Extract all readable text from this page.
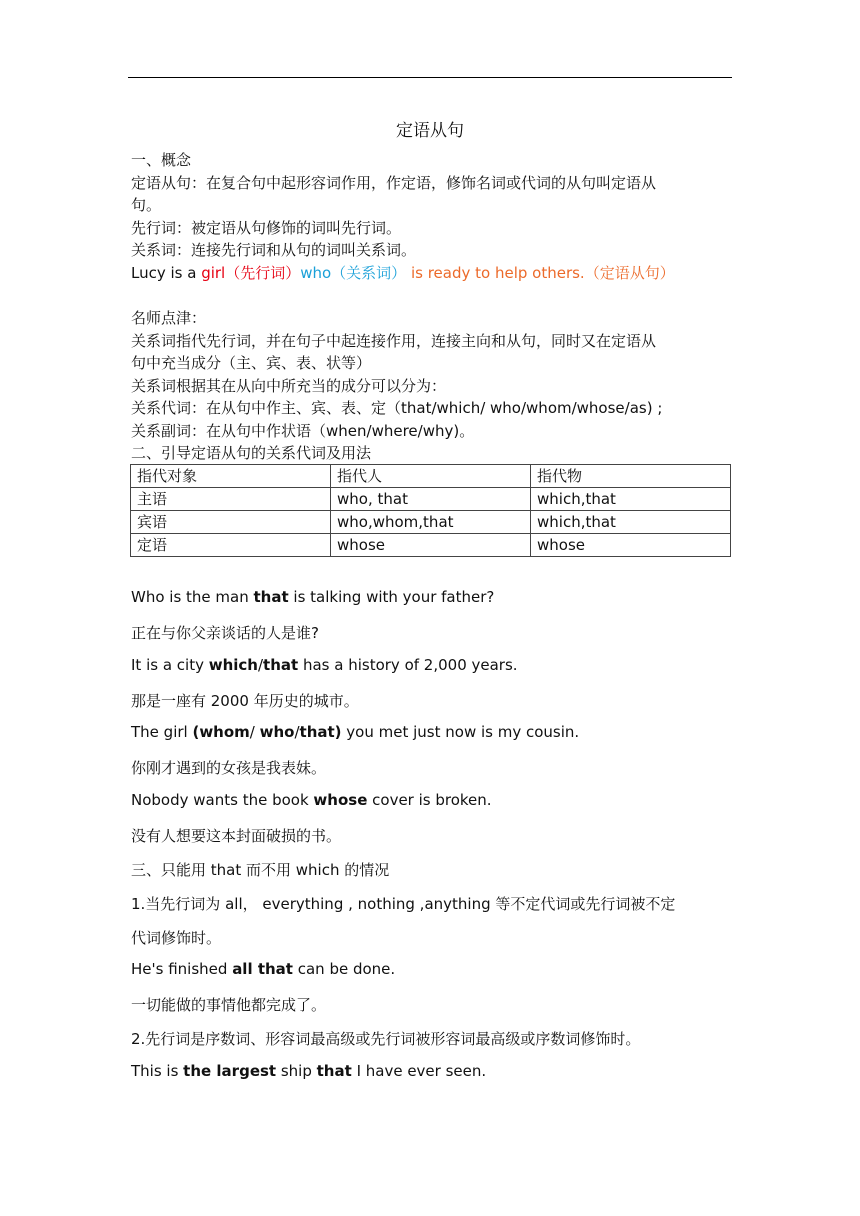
定语从句

一、概念

定语从句：在复合句中起形容词作用，作定语，修饰名词或代词的从句叫定语从

句。

先行词：被定语从句修饰的词叫先行词。

关系词：连接先行词和从句的词叫关系词。

Lucy is a girl（先行词）who（关系词） is ready to help others.（定语从句）

名师点津：

关系词指代先行词，并在句子中起连接作用，连接主向和从句，同时又在定语从

句中充当成分（主、宾、表、状等）

关系词根据其在从向中所充当的成分可以分为：

关系代词：在从句中作主、宾、表、定（that/which/ who/whom/whose/as) ;

关系副词：在从句中作状语（when/where/why)。

二、引导定语从句的关系代词及用法

指代对象	指代人	指代物
主语	who, that	which,that
宾语	who,whom,that	which,that
定语	whose	whose

Who is the man that is talking with your father?

正在与你父亲谈话的人是谁?

It is a city which/that has a history of 2,000 years.

那是一座有 2000 年历史的城市。

The girl (whom/ who/that) you met just now is my cousin.

你刚才遇到的女孩是我表妹。

Nobody wants the book whose cover is broken.

没有人想要这本封面破损的书。

三、只能用 that 而不用 which 的情况

1.当先行词为 all， everything , nothing ,anything 等不定代词或先行词被不定

代词修饰时。

He's finished all that can be done.

一切能做的事情他都完成了。

2.先行词是序数词、形容词最高级或先行词被形容词最高级或序数词修饰时。

This is the largest ship that I have ever seen.
